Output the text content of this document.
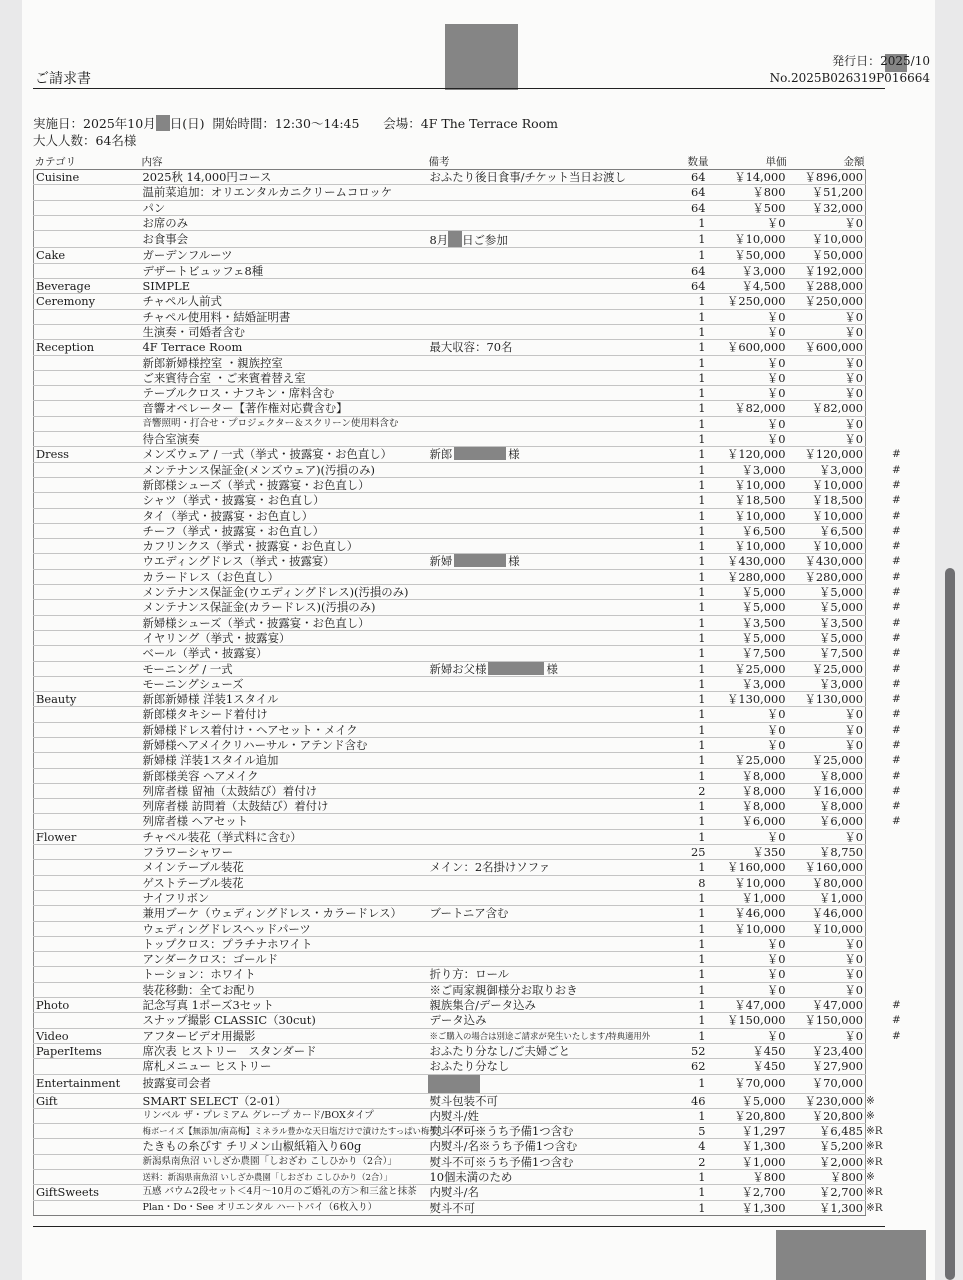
ご請求書
発行日：2025/10
No.2025B026319P016664
実施日：2025年10月 日(日)  開始時間：12:30～14:45      会場：4F The Terrace Room
大人人数：64名様
カテゴリ	内容	備考	数量	単価	金額
Cuisine	2025秋 14,000円コース	おふたり後日食事/チケット当日お渡し	64	￥14,000	￥896,000
	温前菜追加：オリエンタルカニクリームコロッケ		64	￥800	￥51,200
	パン		64	￥500	￥32,000
	お席のみ		1	￥0	￥0
	お食事会	8月 日ご参加	1	￥10,000	￥10,000
Cake	ガーデンフルーツ		1	￥50,000	￥50,000
	デザートビュッフェ8種		64	￥3,000	￥192,000
Beverage	SIMPLE		64	￥4,500	￥288,000
Ceremony	チャペル人前式		1	￥250,000	￥250,000
	チャペル使用料・結婚証明書		1	￥0	￥0
	生演奏・司婚者含む		1	￥0	￥0
Reception	4F Terrace Room	最大収容：70名	1	￥600,000	￥600,000
	新郎新婦様控室 ・親族控室		1	￥0	￥0
	ご来賓待合室 ・ご来賓着替え室		1	￥0	￥0
	テーブルクロス・ナフキン・席料含む		1	￥0	￥0
	音響オペレーター【著作権対応費含む】		1	￥82,000	￥82,000
	音響照明・打合せ・プロジェクター＆スクリーン使用料含む		1	￥0	￥0
	待合室演奏		1	￥0	￥0
Dress	メンズウェア / 一式（挙式・披露宴・お色直し）	新郎 様	1	￥120,000	￥120,000 #

	メンテナンス保証金(メンズウェア)(汚損のみ)		1	￥3,000	￥3,000 #

	新郎様シューズ（挙式・披露宴・お色直し）		1	￥10,000	￥10,000 #

	シャツ（挙式・披露宴・お色直し）		1	￥18,500	￥18,500 #

	タイ（挙式・披露宴・お色直し）		1	￥10,000	￥10,000 #

	チーフ（挙式・披露宴・お色直し）		1	￥6,500	￥6,500 #

	カフリンクス（挙式・披露宴・お色直し）		1	￥10,000	￥10,000 #

	ウエディングドレス（挙式・披露宴）	新婦 様	1	￥430,000	￥430,000 #

	カラードレス（お色直し）		1	￥280,000	￥280,000 #

	メンテナンス保証金(ウエディングドレス)(汚損のみ)		1	￥5,000	￥5,000 #

	メンテナンス保証金(カラードレス)(汚損のみ)		1	￥5,000	￥5,000 #

	新婦様シューズ（挙式・披露宴・お色直し）		1	￥3,500	￥3,500 #

	イヤリング（挙式・披露宴）		1	￥5,000	￥5,000 #

	ベール（挙式・披露宴）		1	￥7,500	￥7,500 #

	モーニング / 一式	新婦お父様 様	1	￥25,000	￥25,000 #

	モーニングシューズ		1	￥3,000	￥3,000 #

Beauty	新郎新婦様 洋装1スタイル		1	￥130,000	￥130,000 #

	新郎様タキシード着付け		1	￥0	￥0 #

	新婦様ドレス着付け・ヘアセット・メイク		1	￥0	￥0 #

	新婦様ヘアメイクリハーサル・アテンド含む		1	￥0	￥0 #

	新婦様 洋装1スタイル追加		1	￥25,000	￥25,000 #

	新郎様美容 ヘアメイク		1	￥8,000	￥8,000 #

	列席者様 留袖（太鼓結び）着付け		2	￥8,000	￥16,000 #

	列席者様 訪問着（太鼓結び）着付け		1	￥8,000	￥8,000 #

	列席者様 ヘアセット		1	￥6,000	￥6,000 #

Flower	チャペル装花（挙式料に含む）		1	￥0	￥0
	フラワーシャワー		25	￥350	￥8,750
	メインテーブル装花	メイン：2名掛けソファ	1	￥160,000	￥160,000
	ゲストテーブル装花		8	￥10,000	￥80,000
	ナイフリボン		1	￥1,000	￥1,000
	兼用ブーケ（ウェディングドレス・カラードレス）	ブートニア含む	1	￥46,000	￥46,000
	ウェディングドレスヘッドパーツ		1	￥10,000	￥10,000
	トップクロス：プラチナホワイト		1	￥0	￥0
	アンダークロス：ゴールド		1	￥0	￥0
	トーション：ホワイト	折り方：ロール	1	￥0	￥0
	装花移動：全てお配り	※ご両家親御様分お取りおき	1	￥0	￥0
Photo	記念写真 1ポーズ3セット	親族集合/データ込み	1	￥47,000	￥47,000 #

	スナップ撮影 CLASSIC（30cut)	データ込み	1	￥150,000	￥150,000 #

Video	アフタービデオ用撮影	※ご購入の場合は別途ご請求が発生いたします/特典適用外	1	￥0	￥0 #

PaperItems	席次表 ヒストリー　スタンダード	おふたり分なし/ご夫婦ごと	52	￥450	￥23,400
	席札メニュー ヒストリー	おふたり分なし	62	￥450	￥27,900
Entertainment	披露宴司会者		1	￥70,000	￥70,000
Gift	SMART SELECT（2-01）	熨斗包装不可	46	￥5,000	￥230,000 ※

	リンベル ザ・プレミアム グレープ カード/BOXタイプ	内熨斗/姓	1	￥20,800	￥20,800 ※

	梅ボーイズ【無添加/南高梅】ミネラル豊かな天日塩だけで漬けたすっぱい梅干し（グレー）	熨斗不可※うち予備1つ含む	5	￥1,297	￥6,485 ※R

	たきもの糸びす チリメン山椒紙箱入り60g	内熨斗/名※うち予備1つ含む	4	￥1,300	￥5,200 ※R

	新潟県南魚沼 いしざか農園「しおざわ こしひかり（2合）」	熨斗不可※うち予備1つ含む	2	￥1,000	￥2,000 ※R

	送料：新潟県南魚沼 いしざか農園「しおざわ こしひかり（2合）」	10個未満のため	1	￥800	￥800 ※

GiftSweets	五感 バウム2段セット＜4月～10月のご婚礼の方＞和三盆と抹茶	内熨斗/名	1	￥2,700	￥2,700 ※R

	Plan・Do・See オリエンタル ハートパイ（6枚入り）	熨斗不可	1	￥1,300	￥1,300 ※R
